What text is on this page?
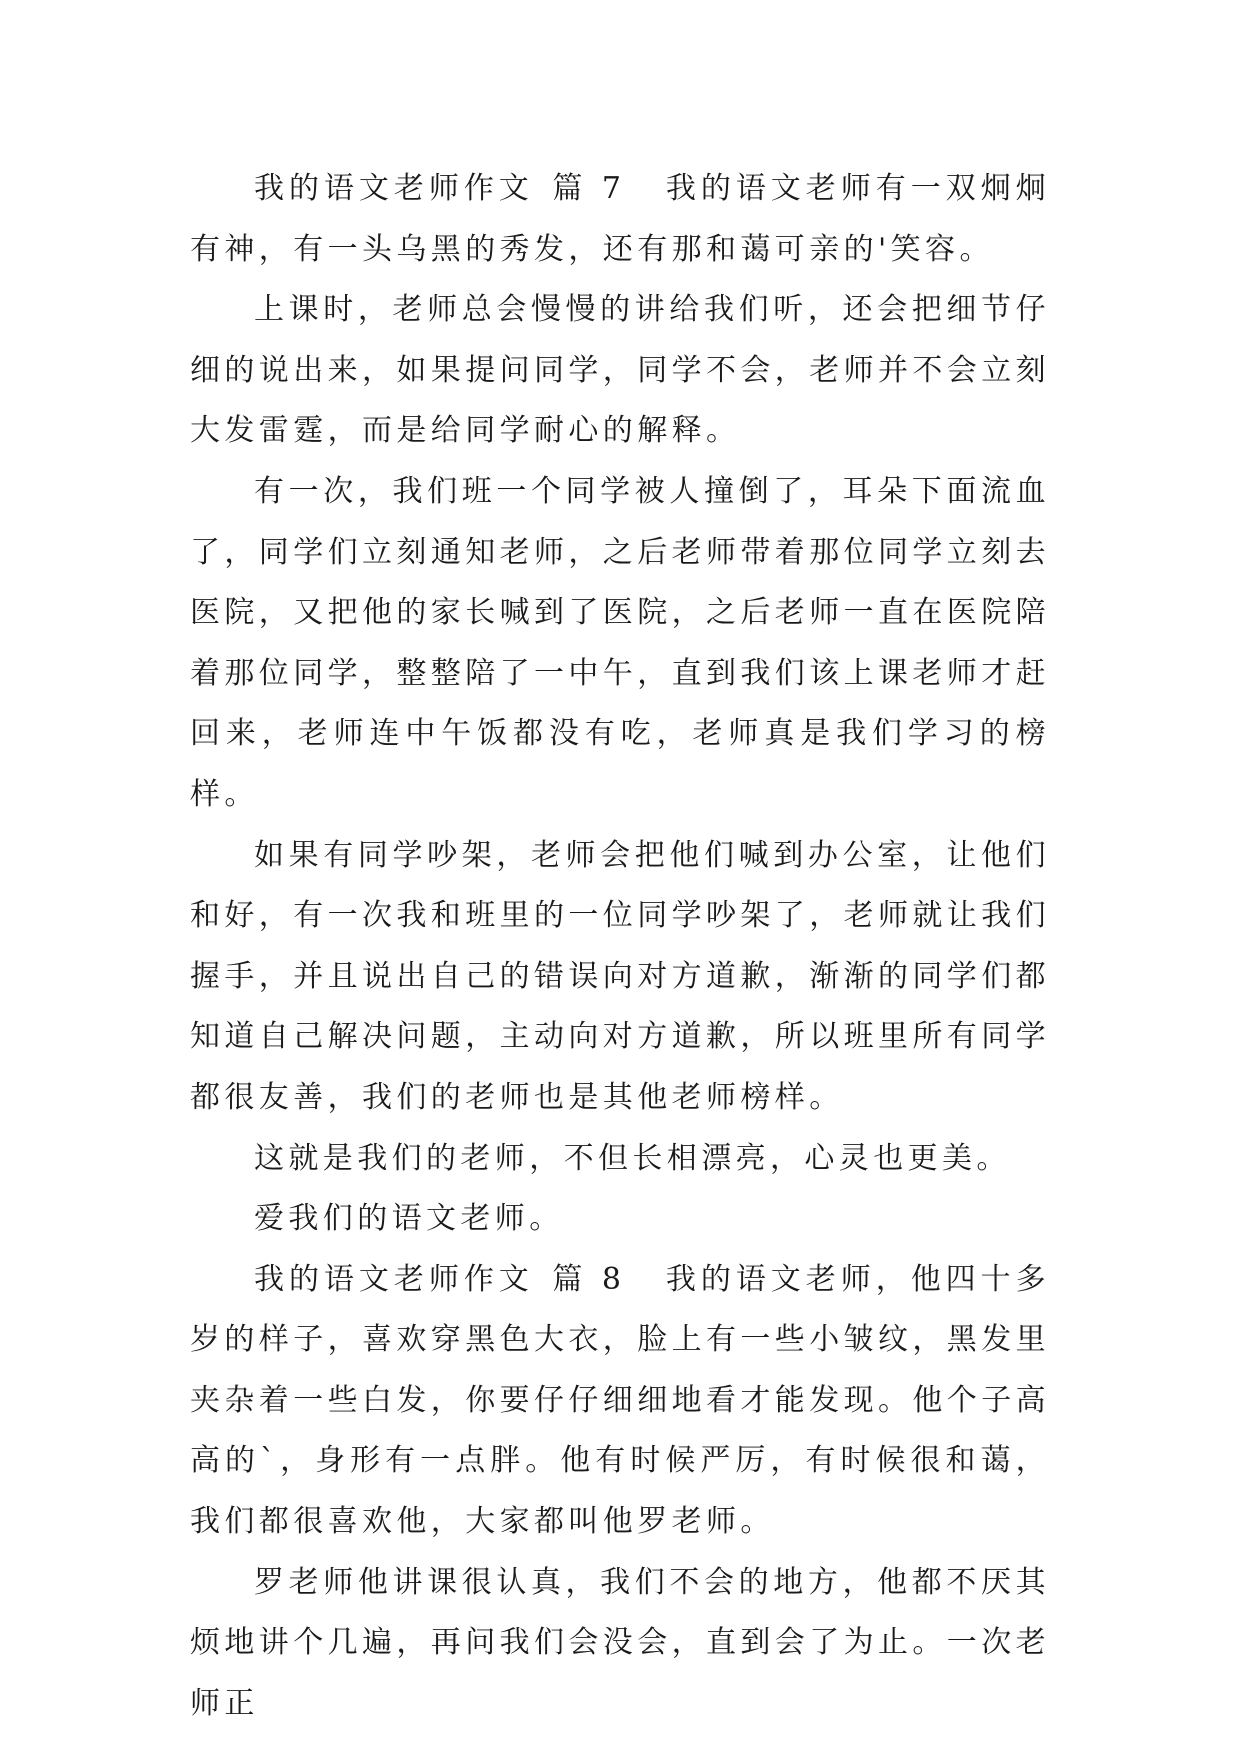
我的语文老师作文 篇 7 我的语文老师有一双炯炯有神，有一头乌黑的秀发，还有那和蔼可亲的'笑容。

上课时，老师总会慢慢的讲给我们听，还会把细节仔细的说出来，如果提问同学，同学不会，老师并不会立刻大发雷霆，而是给同学耐心的解释。

有一次，我们班一个同学被人撞倒了，耳朵下面流血了，同学们立刻通知老师，之后老师带着那位同学立刻去医院，又把他的家长喊到了医院，之后老师一直在医院陪着那位同学，整整陪了一中午，直到我们该上课老师才赶回来，老师连中午饭都没有吃，老师真是我们学习的榜样。

如果有同学吵架，老师会把他们喊到办公室，让他们和好，有一次我和班里的一位同学吵架了，老师就让我们握手，并且说出自己的错误向对方道歉，渐渐的同学们都知道自己解决问题，主动向对方道歉，所以班里所有同学都很友善，我们的老师也是其他老师榜样。

这就是我们的老师，不但长相漂亮，心灵也更美。

爱我们的语文老师。

我的语文老师作文 篇 8 我的语文老师，他四十多岁的样子，喜欢穿黑色大衣，脸上有一些小皱纹，黑发里夹杂着一些白发，你要仔仔细细地看才能发现。他个子高高的`，身形有一点胖。他有时候严厉，有时候很和蔼，我们都很喜欢他，大家都叫他罗老师。

罗老师他讲课很认真，我们不会的地方，他都不厌其烦地讲个几遍，再问我们会没会，直到会了为止。一次老师正
